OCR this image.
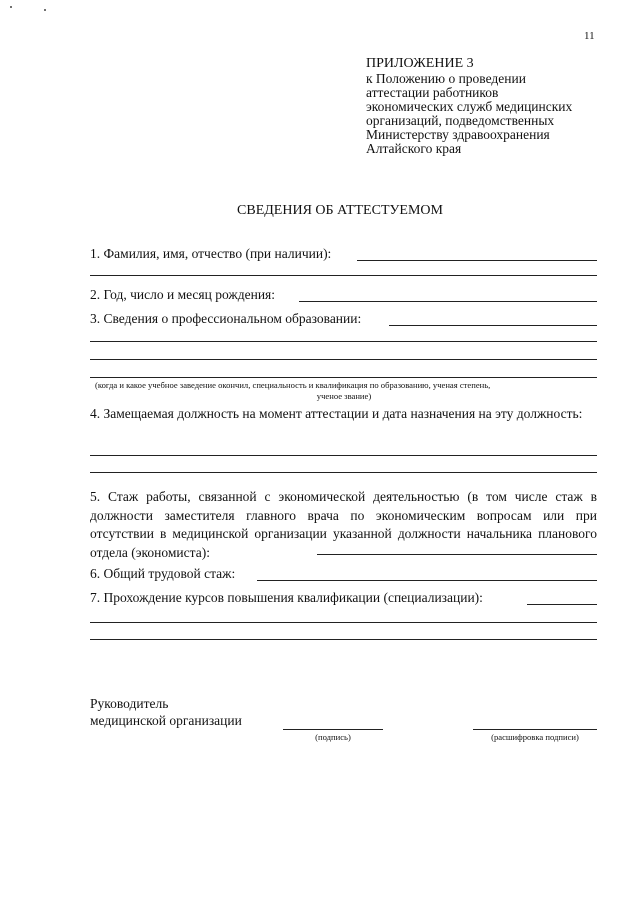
11
ПРИЛОЖЕНИЕ 3
к Положению о проведении
аттестации работников
экономических служб медицинских
организаций, подведомственных
Министерству здравоохранения
Алтайского края
СВЕДЕНИЯ ОБ АТТЕСТУЕМОМ
1. Фамилия, имя, отчество (при наличии):
2. Год, число и месяц рождения:
3. Сведения о профессиональном образовании:
(когда и какое учебное заведение окончил, специальность и квалификация по образованию, ученая степень,
ученое звание)
4. Замещаемая должность на момент аттестации и дата назначения на эту должность:
5. Стаж работы, связанной с экономической деятельностью (в том числе стаж в должности заместителя главного врача по экономическим вопросам или при отсутствии в медицинской организации указанной должности начальника планового отдела (экономиста):
6. Общий трудовой стаж:
7. Прохождение курсов повышения квалификации (специализации):
Руководитель
медицинской организации
(подпись)	(расшифровка подписи)
